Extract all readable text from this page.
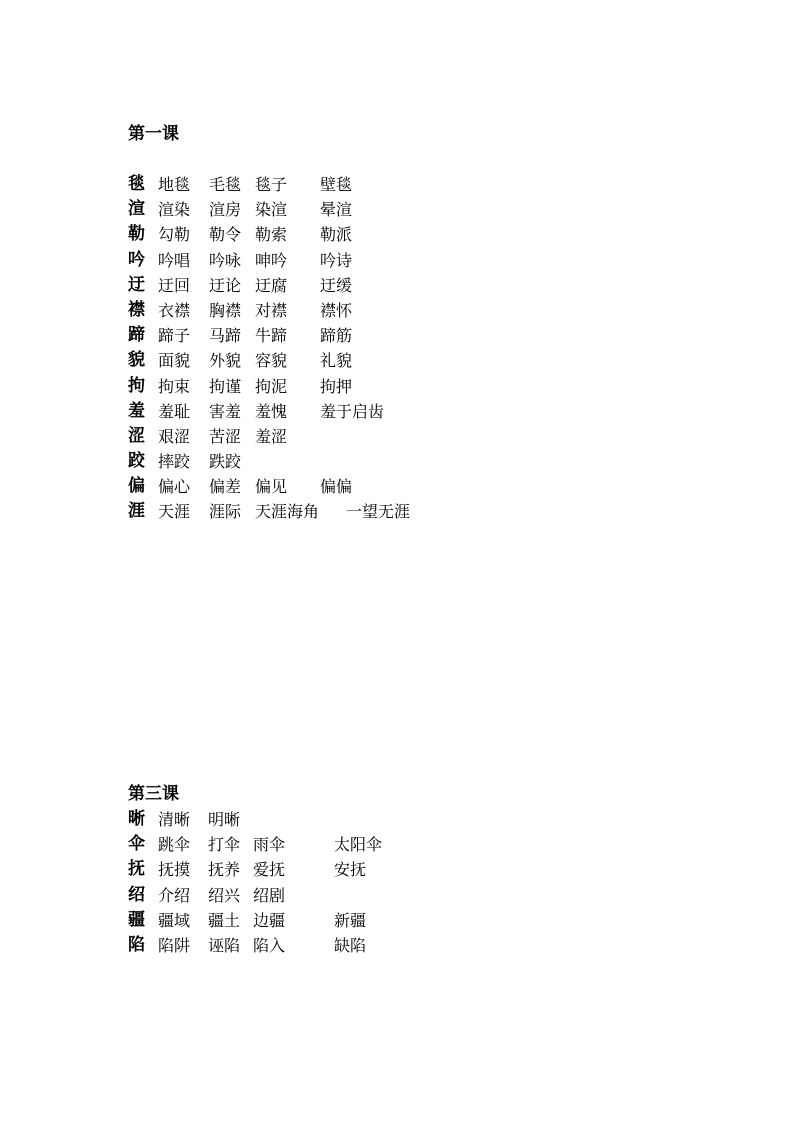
第一课
毯 地毯 毛毯 毯子 壁毯
渲 渲染 渲房 染渲 晕渲
勒 勾勒 勒令 勒索 勒派
吟 吟唱 吟咏 呻吟 吟诗
迂 迂回 迂论 迂腐 迂缓
襟 衣襟 胸襟 对襟 襟怀
蹄 蹄子 马蹄 牛蹄 蹄筋
貌 面貌 外貌 容貌 礼貌
拘 拘束 拘谨 拘泥 拘押
羞 羞耻 害羞 羞愧 羞于启齿
涩 艰涩 苦涩 羞涩
跤 摔跤 跌跤
偏 偏心 偏差 偏见 偏偏
涯 天涯 涯际 天涯海角 一望无涯
第三课
晰 清晰 明晰
伞 跳伞 打伞 雨伞	太阳伞
抚 抚摸 抚养 爱抚	安抚
绍 介绍 绍兴 绍剧
疆 疆域 疆土 边疆	新疆
陷 陷阱 诬陷 陷入	缺陷
